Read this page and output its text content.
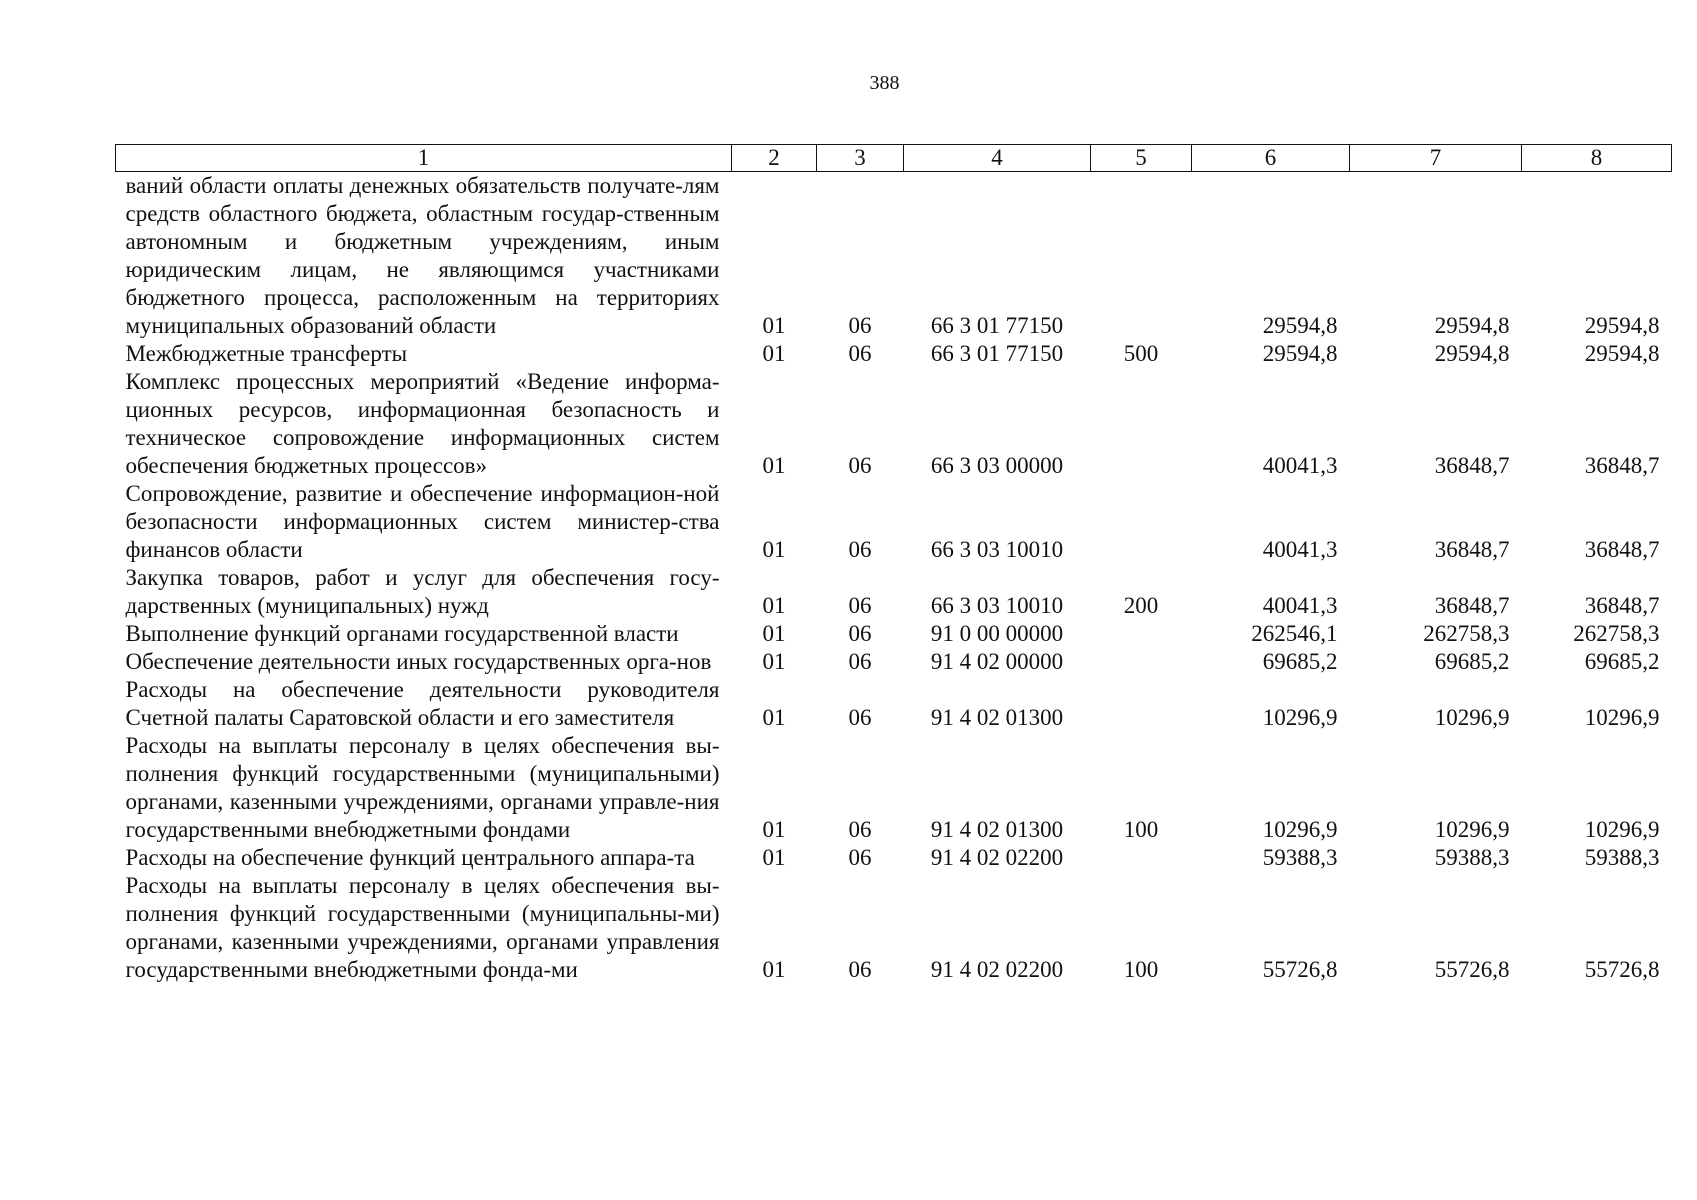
388
1	2	3	4	5	6	7	8
ваний области оплаты денежных обязательств получате-лям средств областного бюджета, областным государ-ственным автономным и бюджетным учреждениям, иным юридическим лицам, не являющимся участниками бюджетного процесса, расположенным на территориях муниципальных образований области	01	06	66 3 01 77150		29594,8	29594,8	29594,8
Межбюджетные трансферты	01	06	66 3 01 77150	500	29594,8	29594,8	29594,8
Комплекс процессных мероприятий «Ведение информа-ционных ресурсов, информационная безопасность и техническое сопровождение информационных систем обеспечения бюджетных процессов»	01	06	66 3 03 00000		40041,3	36848,7	36848,7
Сопровождение, развитие и обеспечение информацион-ной безопасности информационных систем министер-ства финансов области	01	06	66 3 03 10010		40041,3	36848,7	36848,7
Закупка товаров, работ и услуг для обеспечения госу-дарственных (муниципальных) нужд	01	06	66 3 03 10010	200	40041,3	36848,7	36848,7
Выполнение функций органами государственной власти	01	06	91 0 00 00000		262546,1	262758,3	262758,3
Обеспечение деятельности иных государственных орга-нов	01	06	91 4 02 00000		69685,2	69685,2	69685,2
Расходы на обеспечение деятельности руководителя Счетной палаты Саратовской области и его заместителя	01	06	91 4 02 01300		10296,9	10296,9	10296,9
Расходы на выплаты персоналу в целях обеспечения вы-полнения функций государственными (муниципальными) органами, казенными учреждениями, органами управле-ния государственными внебюджетными фондами	01	06	91 4 02 01300	100	10296,9	10296,9	10296,9
Расходы на обеспечение функций центрального аппара-та	01	06	91 4 02 02200		59388,3	59388,3	59388,3
Расходы на выплаты персоналу в целях обеспечения вы-полнения функций государственными (муниципальны-ми) органами, казенными учреждениями, органами управления государственными внебюджетными фонда-ми	01	06	91 4 02 02200	100	55726,8	55726,8	55726,8
